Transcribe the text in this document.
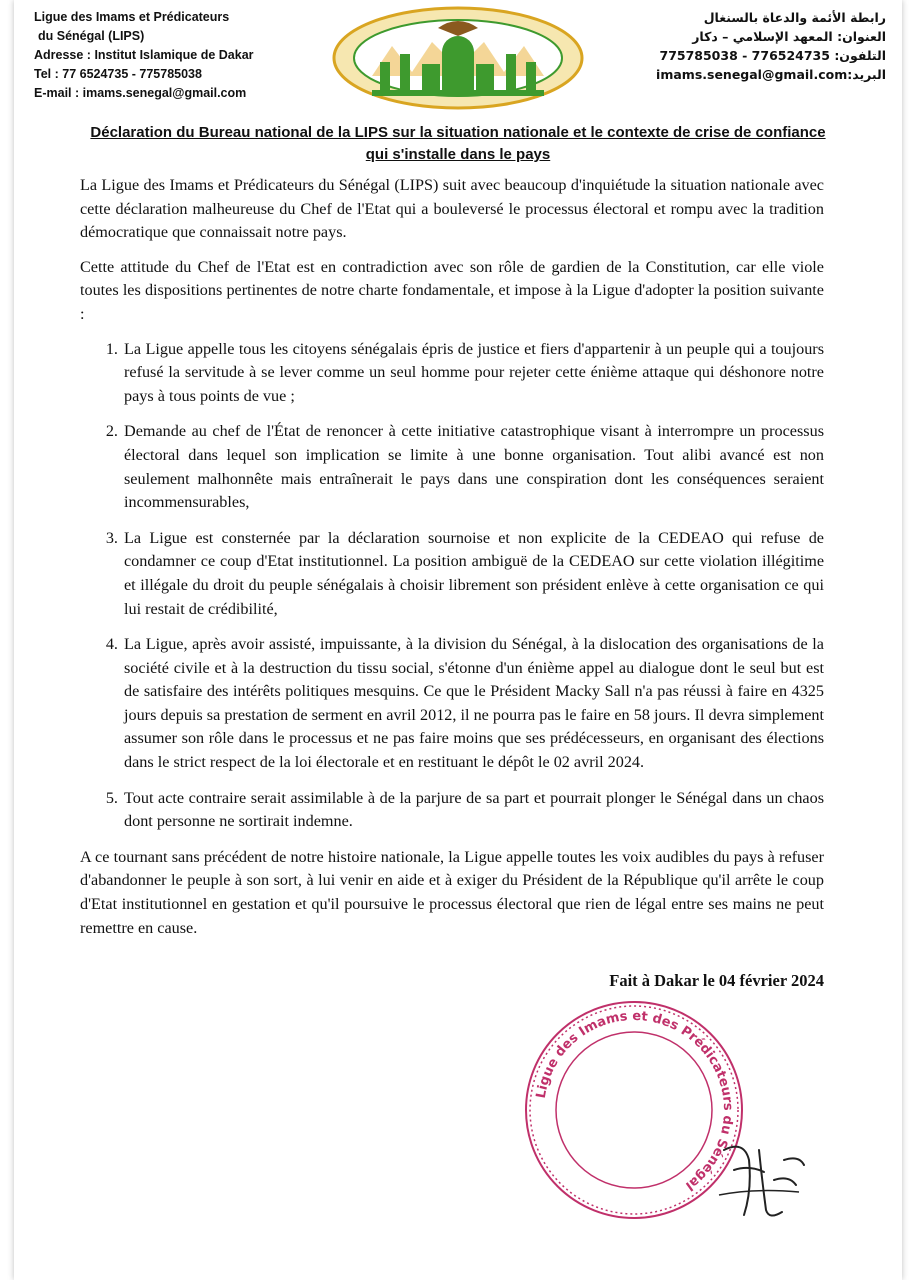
Ligue des Imams et Prédicateurs
du Sénégal (LIPS)
Adresse : Institut Islamique de Dakar
Tel : 77 6524735 - 775785038
E-mail : imams.senegal@gmail.com
رابطة الأئمة والدعاة بالسنغال
العنوان: المعهد الإسلامي – دكار
التلفون: 775785038 - 776524735
البريد:imams.senegal@gmail.com
Déclaration du Bureau national de la LIPS sur la situation nationale et le contexte de crise de confiance qui s'installe dans le pays

La Ligue des Imams et Prédicateurs du Sénégal (LIPS) suit avec beaucoup d'inquiétude la situation nationale avec cette déclaration malheureuse du Chef de l'Etat qui a bouleversé le processus électoral et rompu avec la tradition démocratique que connaissait notre pays.

Cette attitude du Chef de l'Etat est en contradiction avec son rôle de gardien de la Constitution, car elle viole toutes les dispositions pertinentes de notre charte fondamentale, et impose à la Ligue d'adopter la position suivante :

1. La Ligue appelle tous les citoyens sénégalais épris de justice et fiers d'appartenir à un peuple qui a toujours refusé la servitude à se lever comme un seul homme pour rejeter cette énième attaque qui déshonore notre pays à tous points de vue ;
2. Demande au chef de l'État de renoncer à cette initiative catastrophique visant à interrompre un processus électoral dans lequel son implication se limite à une bonne organisation. Tout alibi avancé est non seulement malhonnête mais entraînerait le pays dans une conspiration dont les conséquences seraient incommensurables,
3. La Ligue est consternée par la déclaration sournoise et non explicite de la CEDEAO qui refuse de condamner ce coup d'Etat institutionnel. La position ambiguë de la CEDEAO sur cette violation illégitime et illégale du droit du peuple sénégalais à choisir librement son président enlève à cette organisation ce qui lui restait de crédibilité,
4. La Ligue, après avoir assisté, impuissante, à la division du Sénégal, à la dislocation des organisations de la société civile et à la destruction du tissu social, s'étonne d'un énième appel au dialogue dont le seul but est de satisfaire des intérêts politiques mesquins. Ce que le Président Macky Sall n'a pas réussi à faire en 4325 jours depuis sa prestation de serment en avril 2012, il ne pourra pas le faire en 58 jours. Il devra simplement assumer son rôle dans le processus et ne pas faire moins que ses prédécesseurs, en organisant des élections dans le strict respect de la loi électorale et en restituant le dépôt le 02 avril 2024.
5. Tout acte contraire serait assimilable à de la parjure de sa part et pourrait plonger le Sénégal dans un chaos dont personne ne sortirait indemne.

A ce tournant sans précédent de notre histoire nationale, la Ligue appelle toutes les voix audibles du pays à refuser d'abandonner le peuple à son sort, à lui venir en aide et à exiger du Président de la République qu'il arrête le coup d'Etat institutionnel en gestation et qu'il poursuive le processus électoral que rien de légal entre ses mains ne peut remettre en cause.

Fait à Dakar le 04 février 2024
Ligue des Imams et des Prédicateurs du Sénégal
